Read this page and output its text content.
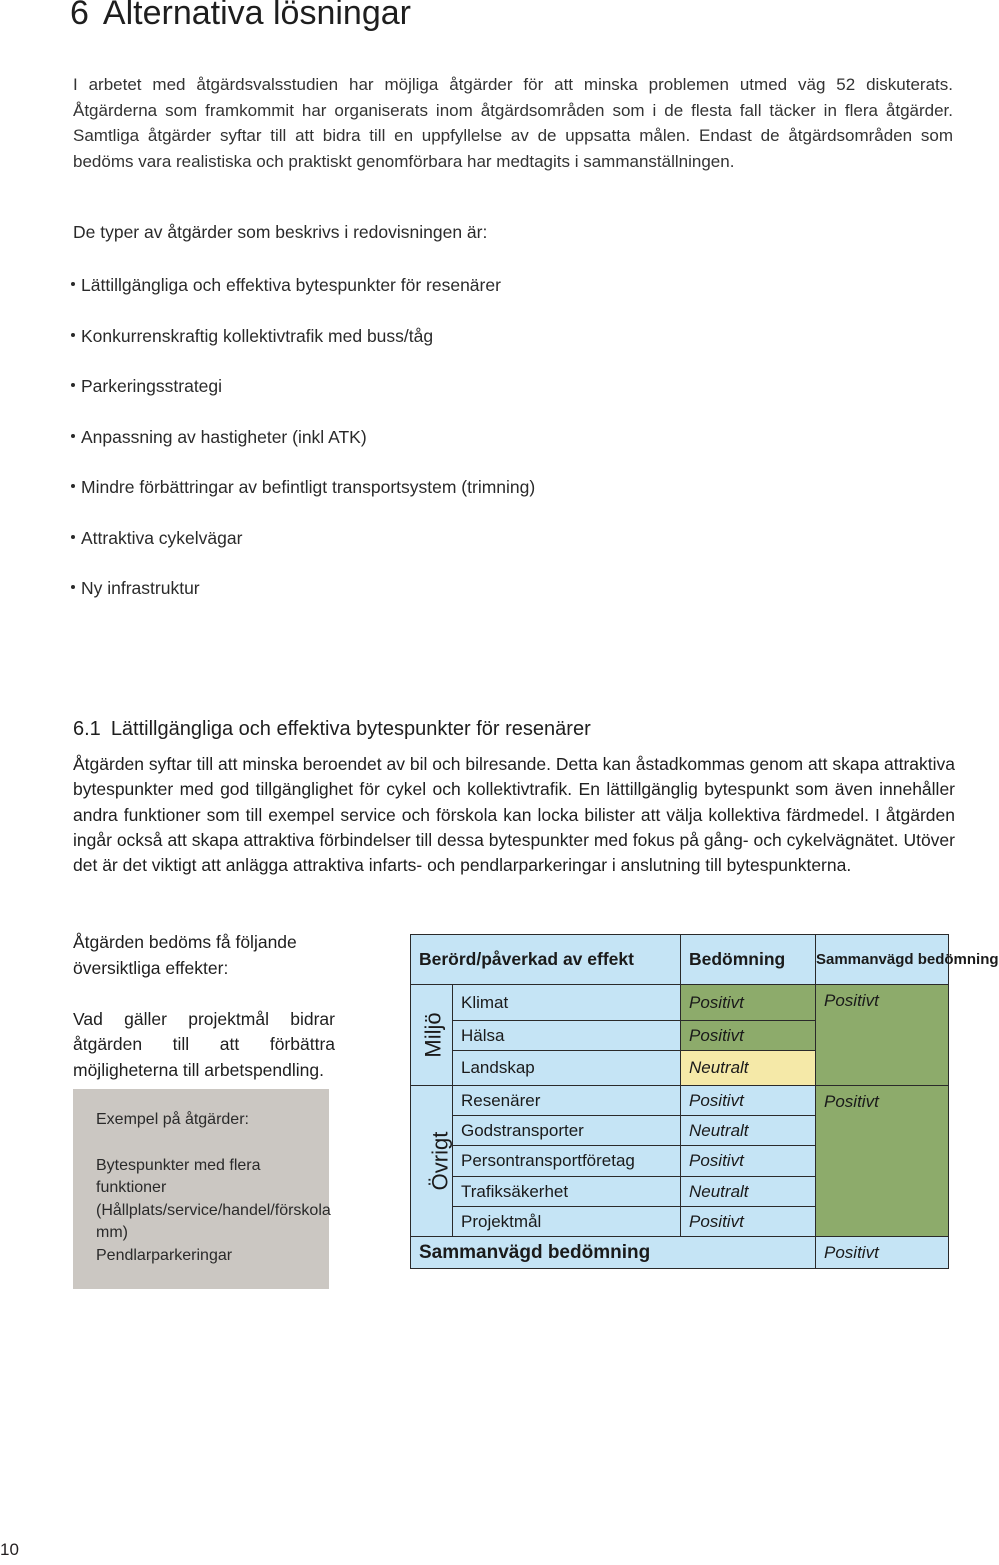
6 Alternativa lösningar

I arbetet med åtgärdsvalsstudien har möjliga åtgärder för att minska problemen utmed väg 52 diskuterats. Åtgärderna som framkommit har organiserats inom åtgärdsområden som i de flesta fall täcker in flera åtgärder. Samtliga åtgärder syftar till att bidra till en uppfyllelse av de uppsatta målen. Endast de åtgärdsområden som bedöms vara realistiska och praktiskt genomförbara har medtagits i sammanställningen.

De typer av åtgärder som beskrivs i redovisningen är:
Lättillgängliga och effektiva bytespunkter för resenärer
Konkurrenskraftig kollektivtrafik med buss/tåg
Parkeringsstrategi
Anpassning av hastigheter (inkl ATK)
Mindre förbättringar av befintligt transportsystem (trimning)
Attraktiva cykelvägar
Ny infrastruktur
6.1 Lättillgängliga och effektiva bytespunkter för resenärer

Åtgärden syftar till att minska beroendet av bil och bilresande. Detta kan åstadkommas genom att skapa attraktiva bytespunkter med god tillgänglighet för cykel och kollektivtrafik. En lättillgänglig bytespunkt som även innehåller andra funktioner som till exempel service och förskola kan locka bilister att välja kollektiva färdmedel. I åtgärden ingår också att skapa attraktiva förbindelser till dessa bytespunkter med fokus på gång- och cykelvägnätet. Utöver det är det viktigt att anlägga attraktiva infarts- och pendlarparkeringar i anslutning till bytespunkterna.

Åtgärden bedöms få följande översiktliga effekter:
Vad gäller projektmål bidrar åtgärden till att förbättra möjligheterna till arbetspendling.
Exempel på åtgärder:
Bytespunkter med flera funktioner (Hållplats/service/handel/förskola mm)
Pendlarparkeringar
Berörd/påverkad av effekt		Bedömning	Sammanvägd bedömning
Miljö	Klimat	Positivt	Positivt
	Hälsa	Positivt	
	Landskap	Neutralt	
Övrigt	Resenärer	Positivt	Positivt
	Godstransporter	Neutralt	
	Persontransportföretag	Positivt	
	Trafiksäkerhet	Neutralt	
	Projektmål	Positivt	
Sammanvägd bedömning			Positivt
10
